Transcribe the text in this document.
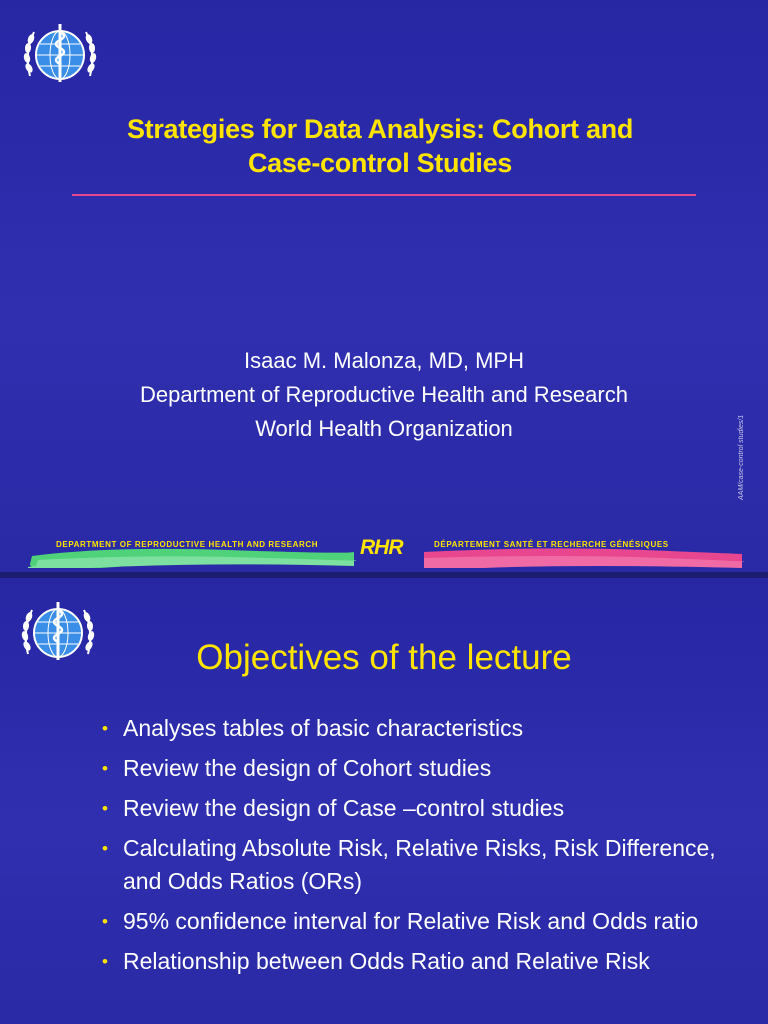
Strategies for Data Analysis: Cohort and
Case-control Studies
Isaac M. Malonza, MD, MPH
Department of Reproductive Health and Research
World Health Organization	AAM/case-control studies/1
DEPARTMENT OF REPRODUCTIVE HEALTH AND RESEARCH RHR	DÉPARTEMENT SANTÉ ET RECHERCHE GÉNÉSIQUES
Objectives of the lecture
• Analyses tables of basic characteristics
• Review the design of Cohort studies
• Review the design of Case –control studies
• Calculating Absolute Risk, Relative Risks, Risk Difference, and Odds Ratios (ORs)
• 95% confidence interval for Relative Risk and Odds ratio
• Relationship between Odds Ratio and Relative Risk
